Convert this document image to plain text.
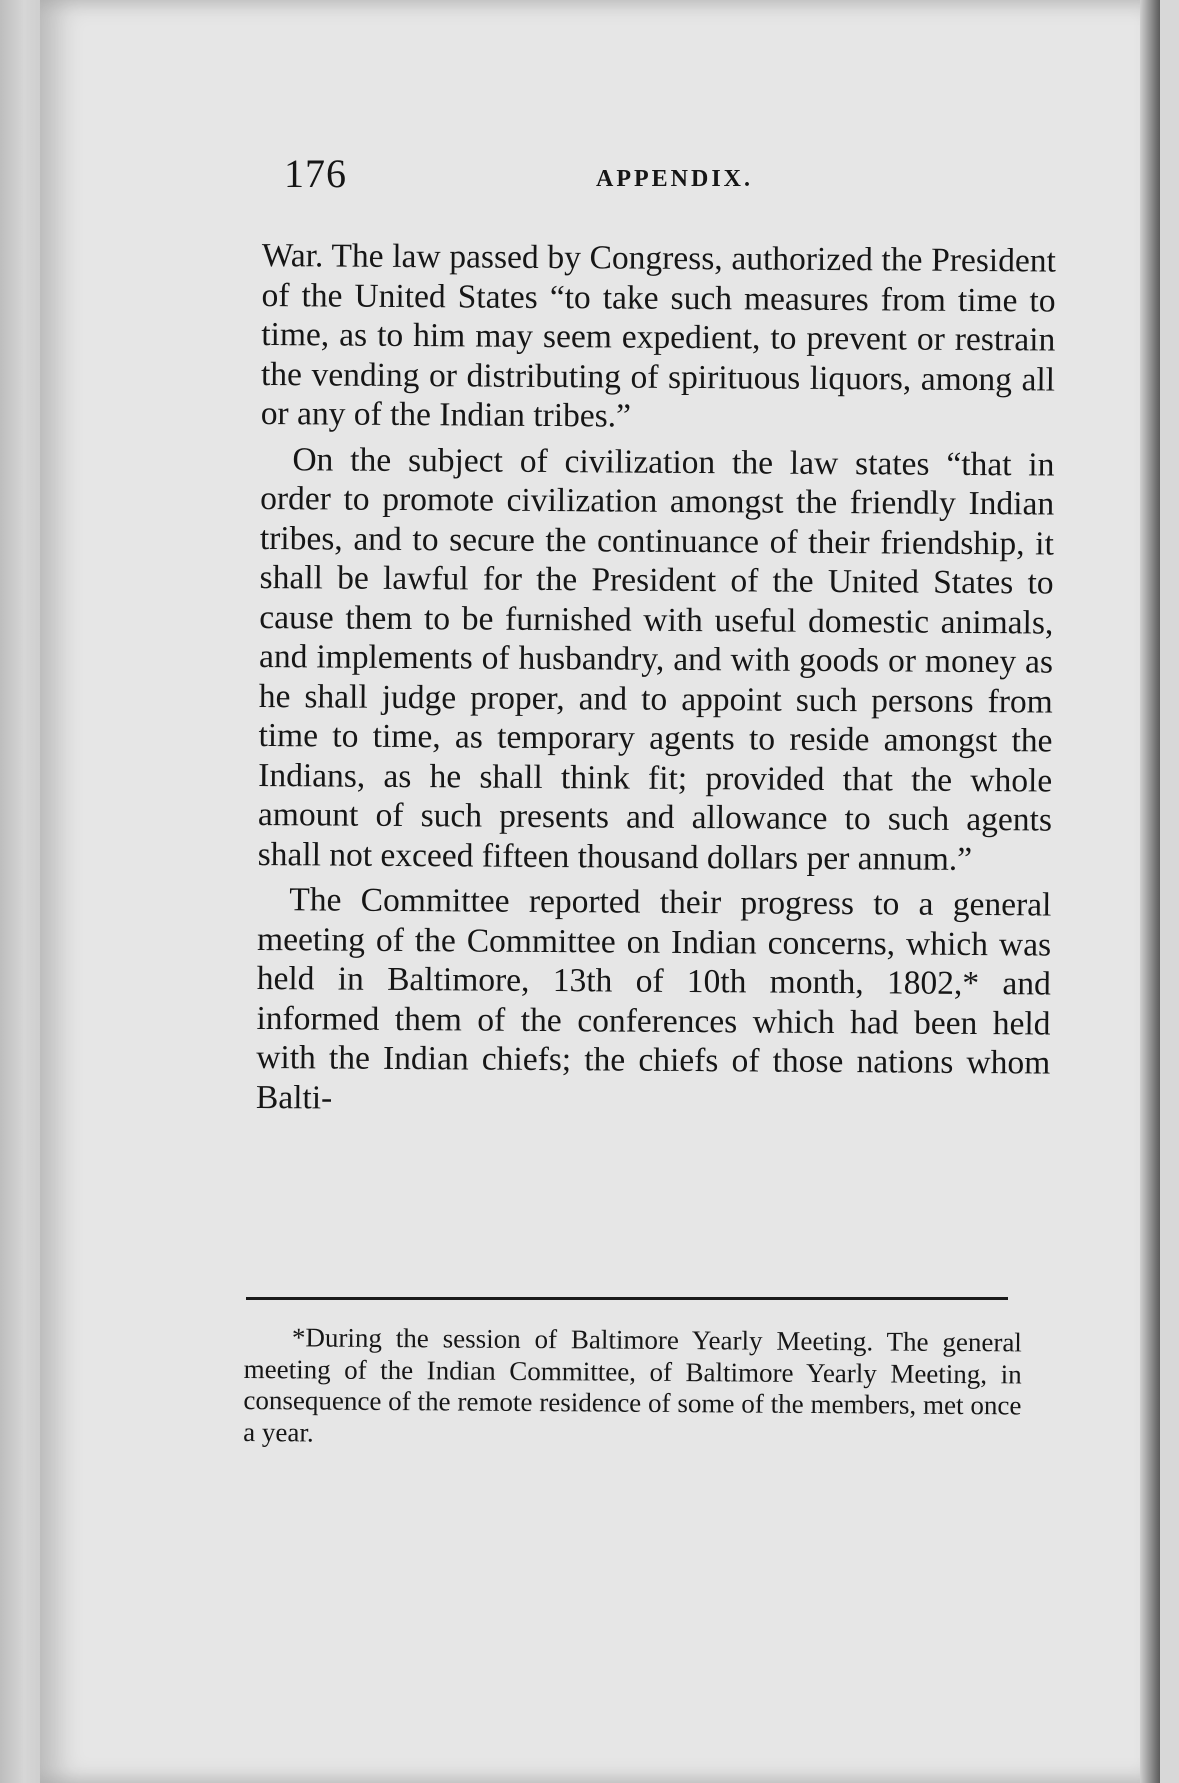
176	APPENDIX.

War. The law passed by Congress, authorized the President of the United States “to take such measures from time to time, as to him may seem expedient, to prevent or restrain the vending or distributing of spirituous liquors, among all or any of the Indian tribes.”

On the subject of civilization the law states “that in order to promote civilization amongst the friendly Indian tribes, and to secure the continuance of their friendship, it shall be lawful for the President of the United States to cause them to be furnished with useful domestic animals, and implements of husbandry, and with goods or money as he shall judge proper, and to appoint such persons from time to time, as temporary agents to reside amongst the Indians, as he shall think fit; provided that the whole amount of such presents and allowance to such agents shall not exceed fifteen thousand dollars per annum.”

The Committee reported their progress to a general meeting of the Committee on Indian concerns, which was held in Baltimore, 13th of 10th month, 1802,* and informed them of the conferences which had been held with the Indian chiefs; the chiefs of those nations whom Balti-

*During the session of Baltimore Yearly Meeting. The general meeting of the Indian Committee, of Baltimore Yearly Meeting, in consequence of the remote residence of some of the members, met once a year.
